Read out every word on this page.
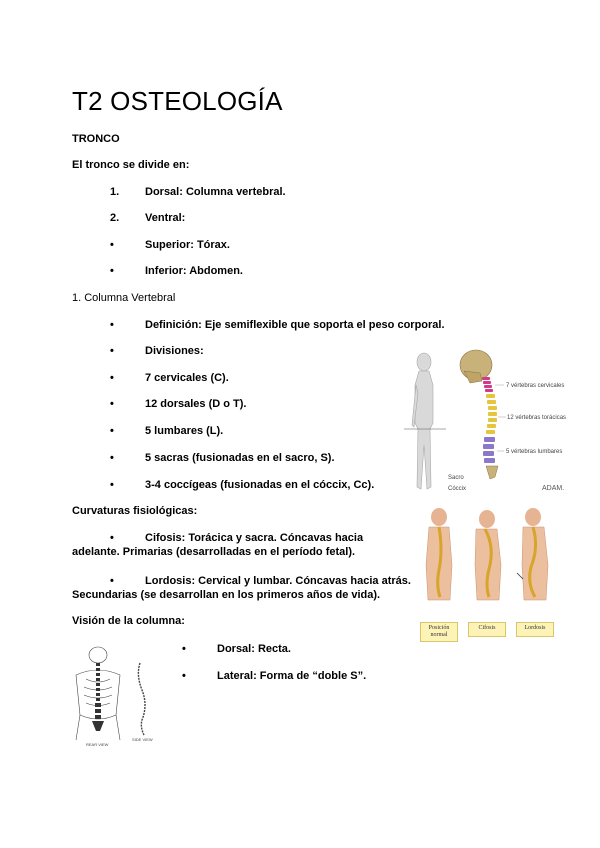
T2 OSTEOLOGÍA
TRONCO
El tronco se divide en:
1. Dorsal: Columna vertebral.
2. Ventral:
•	Superior: Tórax.
•	Inferior: Abdomen.
1. Columna Vertebral
•	Definición: Eje semiflexible que soporta el peso corporal.
•	Divisiones:
•	7 cervicales (C).
•	12 dorsales (D o T).
•	5 lumbares (L).
•	5 sacras (fusionadas en el sacro, S).
•	3-4 coccígeas (fusionadas en el cóccix, Cc).
Curvaturas fisiológicas:
•	Cifosis: Torácica y sacra. Cóncavas hacia
adelante. Primarias (desarrolladas en el período fetal).
•	Lordosis: Cervical y lumbar. Cóncavas hacia atrás.
Secundarias (se desarrollan en los primeros años de vida).
Visión de la columna:
•	Dorsal: Recta.
•	Lateral: Forma de “doble S”.
7 vértebras cervicales
12 vértebras torácicas
5 vértebras lumbares
Sacro
Cóccix	ADAM.
Posición normal
Cifosis	Lordosis
REAR VIEW
SIDE VIEW
